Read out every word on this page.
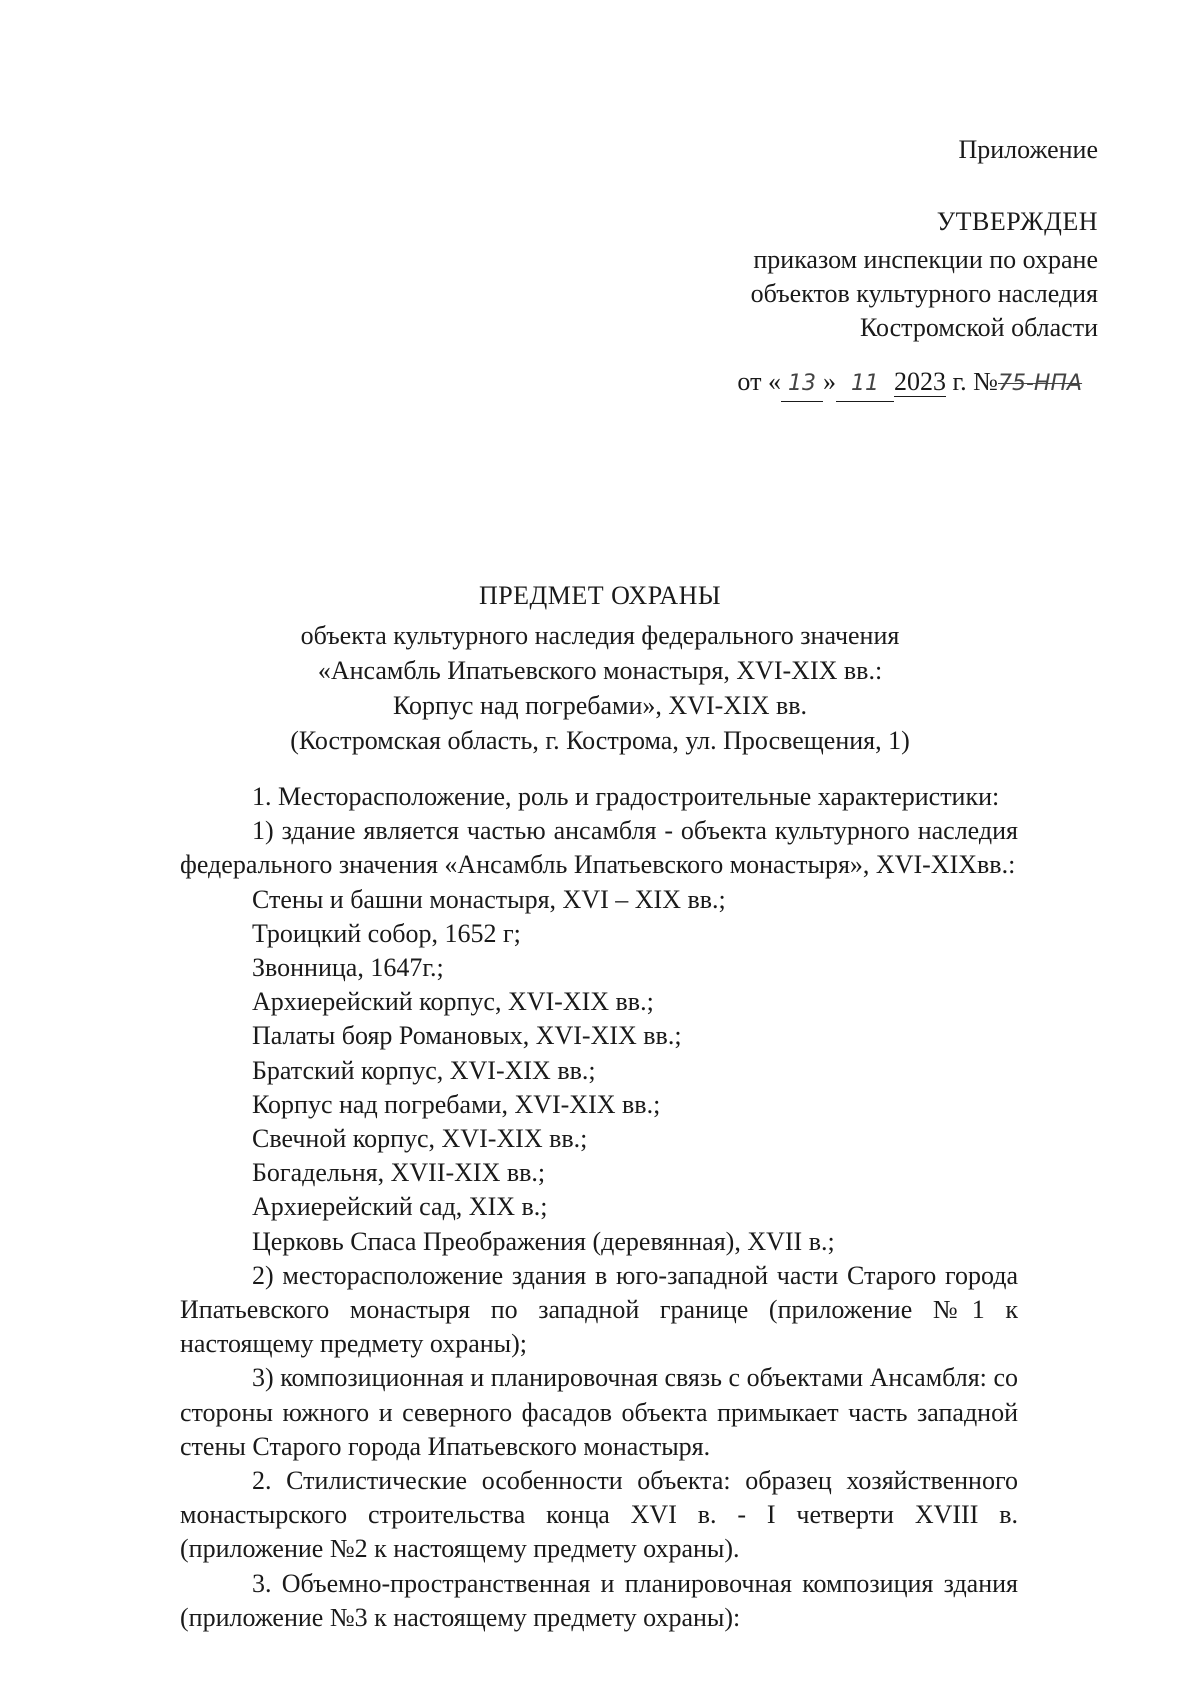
Приложение
УТВЕРЖДЕН
приказом инспекции по охране
объектов культурного наследия
Костромской области
от « 13 » 11 2023 г. №75-НПА
ПРЕДМЕТ ОХРАНЫ
объекта культурного наследия федерального значения
«Ансамбль Ипатьевского монастыря, XVI-XIX вв.:
Корпус над погребами», XVI-XIX вв.
(Костромская область, г. Кострома, ул. Просвещения, 1)

1. Месторасположение, роль и градостроительные характеристики:

1) здание является частью ансамбля - объекта культурного наследия федерального значения «Ансамбль Ипатьевского монастыря», XVI-XIXвв.:

Стены и башни монастыря, XVI – XIX вв.;

Троицкий собор, 1652 г;

Звонница, 1647г.;

Архиерейский корпус, XVI-XIX вв.;

Палаты бояр Романовых, XVI-XIX вв.;

Братский корпус, XVI-XIX вв.;

Корпус над погребами, XVI-XIX вв.;

Свечной корпус, XVI-XIX вв.;

Богадельня, XVII-XIX вв.;

Архиерейский сад, XIX в.;

Церковь Спаса Преображения (деревянная), XVII в.;

2) месторасположение здания в юго-западной части Старого города Ипатьевского монастыря по западной границе (приложение №1 к настоящему предмету охраны);

3) композиционная и планировочная связь с объектами Ансамбля: со стороны южного и северного фасадов объекта примыкает часть западной стены Старого города Ипатьевского монастыря.

2. Стилистические особенности объекта: образец хозяйственного монастырского строительства конца XVI в. - I четверти XVIII в. (приложение №2 к настоящему предмету охраны).

3. Объемно-пространственная и планировочная композиция здания (приложение №3 к настоящему предмету охраны):
